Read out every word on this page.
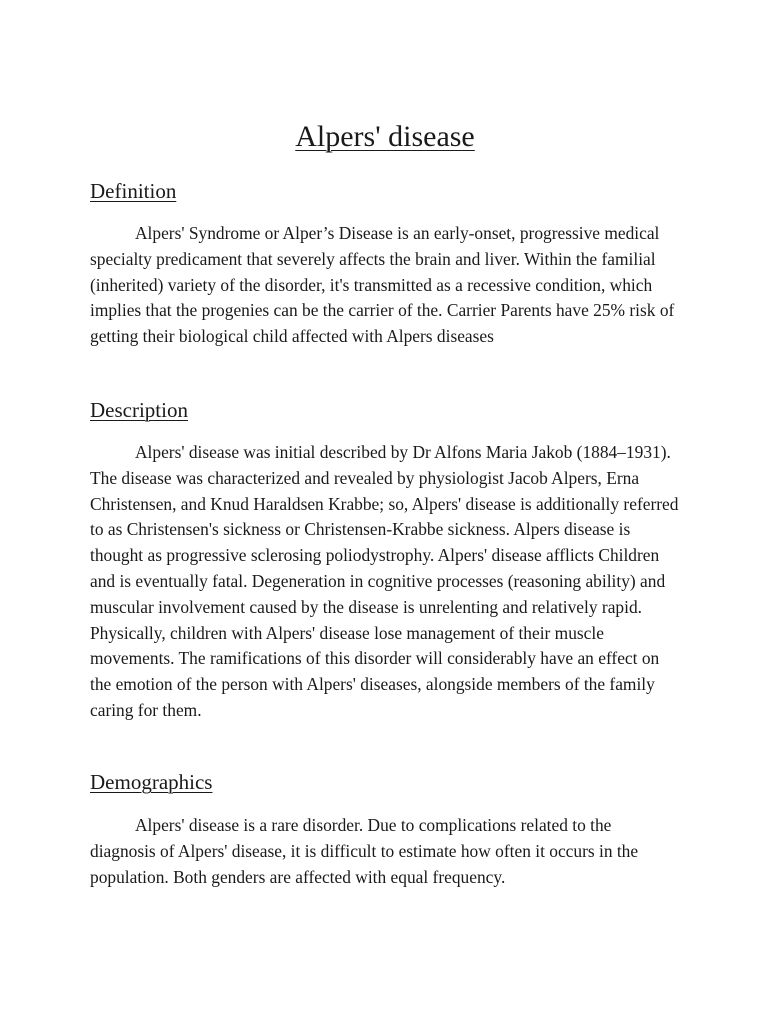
Alpers' disease
Definition

Alpers' Syndrome or Alper’s Disease is an early-onset, progressive medical specialty predicament that severely affects the brain and liver. Within the familial (inherited) variety of the disorder, it's transmitted as a recessive condition, which implies that the progenies can be the carrier of the. Carrier Parents have 25% risk of getting their biological child affected with Alpers diseases

Description

Alpers' disease was initial described by Dr Alfons Maria Jakob (1884–1931). The disease was characterized and revealed by physiologist Jacob Alpers, Erna Christensen, and Knud Haraldsen Krabbe; so, Alpers' disease is additionally referred to as Christensen's sickness or Christensen-Krabbe sickness. Alpers disease is thought as progressive sclerosing poliodystrophy. Alpers' disease afflicts Children and is eventually fatal. Degeneration in cognitive processes (reasoning ability) and muscular involvement caused by the disease is unrelenting and relatively rapid. Physically, children with Alpers' disease lose management of their muscle movements. The ramifications of this disorder will considerably have an effect on the emotion of the person with Alpers' diseases, alongside members of the family caring for them.

Demographics

Alpers' disease is a rare disorder. Due to complications related to the diagnosis of Alpers' disease, it is difficult to estimate how often it occurs in the population. Both genders are affected with equal frequency.
